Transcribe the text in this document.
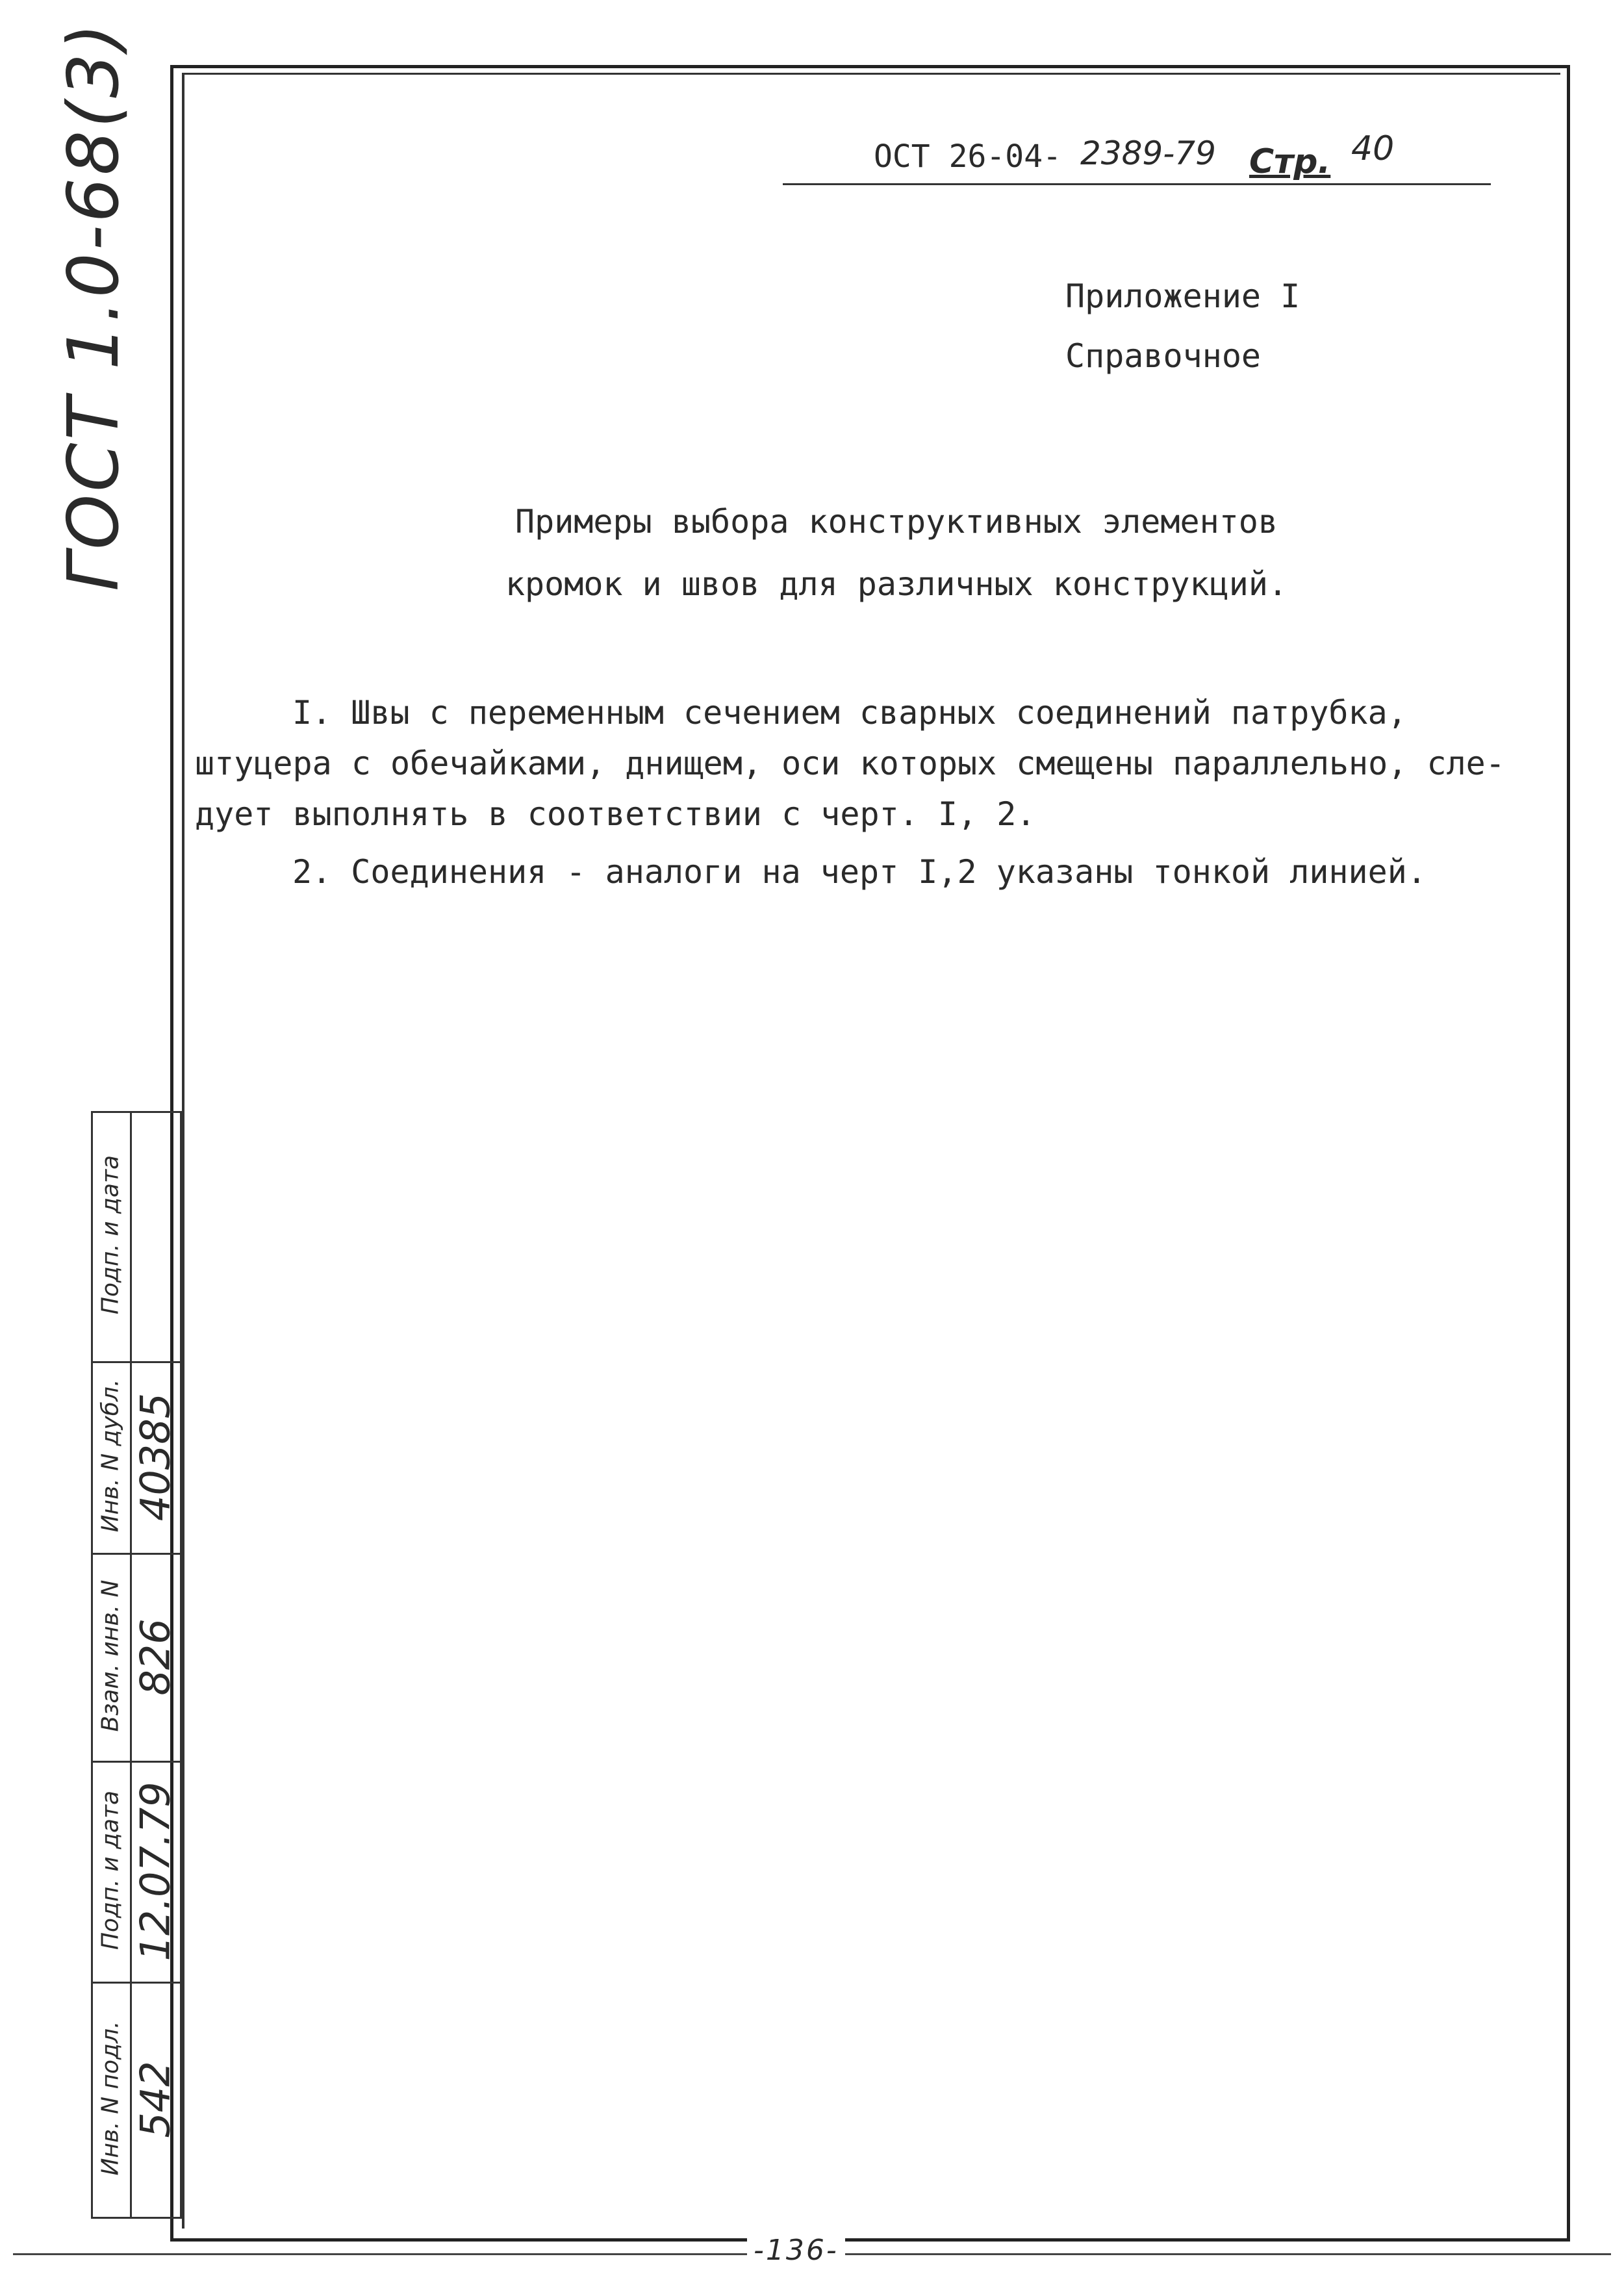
ГОСТ 1.0-68(3)	ОСТ 26-04- 2389-79 Стр. 40
Приложение I
Справочное
Примеры выбора конструктивных элементов
кромок и швов для различных конструкций.
I. Швы с переменным сечением сварных соединений патрубка,
штуцера с обечайками, днищем, оси которых смещены параллельно, сле-
дует выполнять в соответствии с черт. I, 2.
2. Соединения - аналоги на черт I,2 указаны тонкой линией.
Подп. и дата
Инв. N дубл. 40385
Взам. инв. N 826
Подп. и дата 12.07.79
Инв. N подл. 542
-136-
